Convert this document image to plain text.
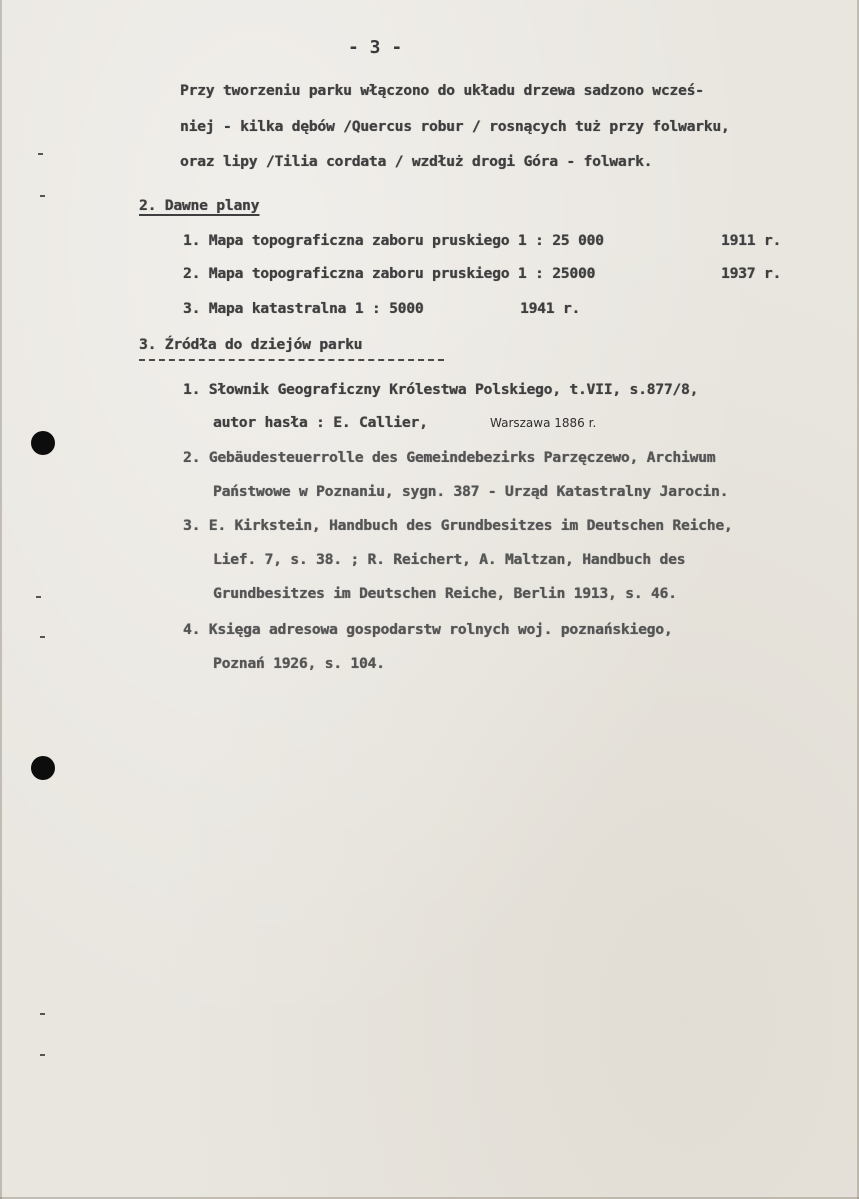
- 3 -
Przy tworzeniu parku włączono do układu drzewa sadzono wcześ-
niej - kilka dębów /Quercus robur / rosnących tuż przy folwarku,
oraz lipy /Tilia cordata / wzdłuż drogi Góra - folwark.
2. Dawne plany
1. Mapa topograficzna zaboru pruskiego 1 : 25 000	1911 r.
2. Mapa topograficzna zaboru pruskiego 1 : 25000	1937 r.
3. Mapa katastralna 1 : 5000	1941 r.
3. Źródła do dziejów parku
1. Słownik Geograficzny Królestwa Polskiego, t.VII, s.877/8,
autor hasła : E. Callier,	Warszawa 1886 r.
2. Gebäudesteuerrolle des Gemeindebezirks Parzęczewo, Archiwum
Państwowe w Poznaniu, sygn. 387 - Urząd Katastralny Jarocin.
3. E. Kirkstein, Handbuch des Grundbesitzes im Deutschen Reiche,
Lief. 7, s. 38. ; R. Reichert, A. Maltzan, Handbuch des
Grundbesitzes im Deutschen Reiche, Berlin 1913, s. 46.
4. Księga adresowa gospodarstw rolnych woj. poznańskiego,
Poznań 1926, s. 104.
